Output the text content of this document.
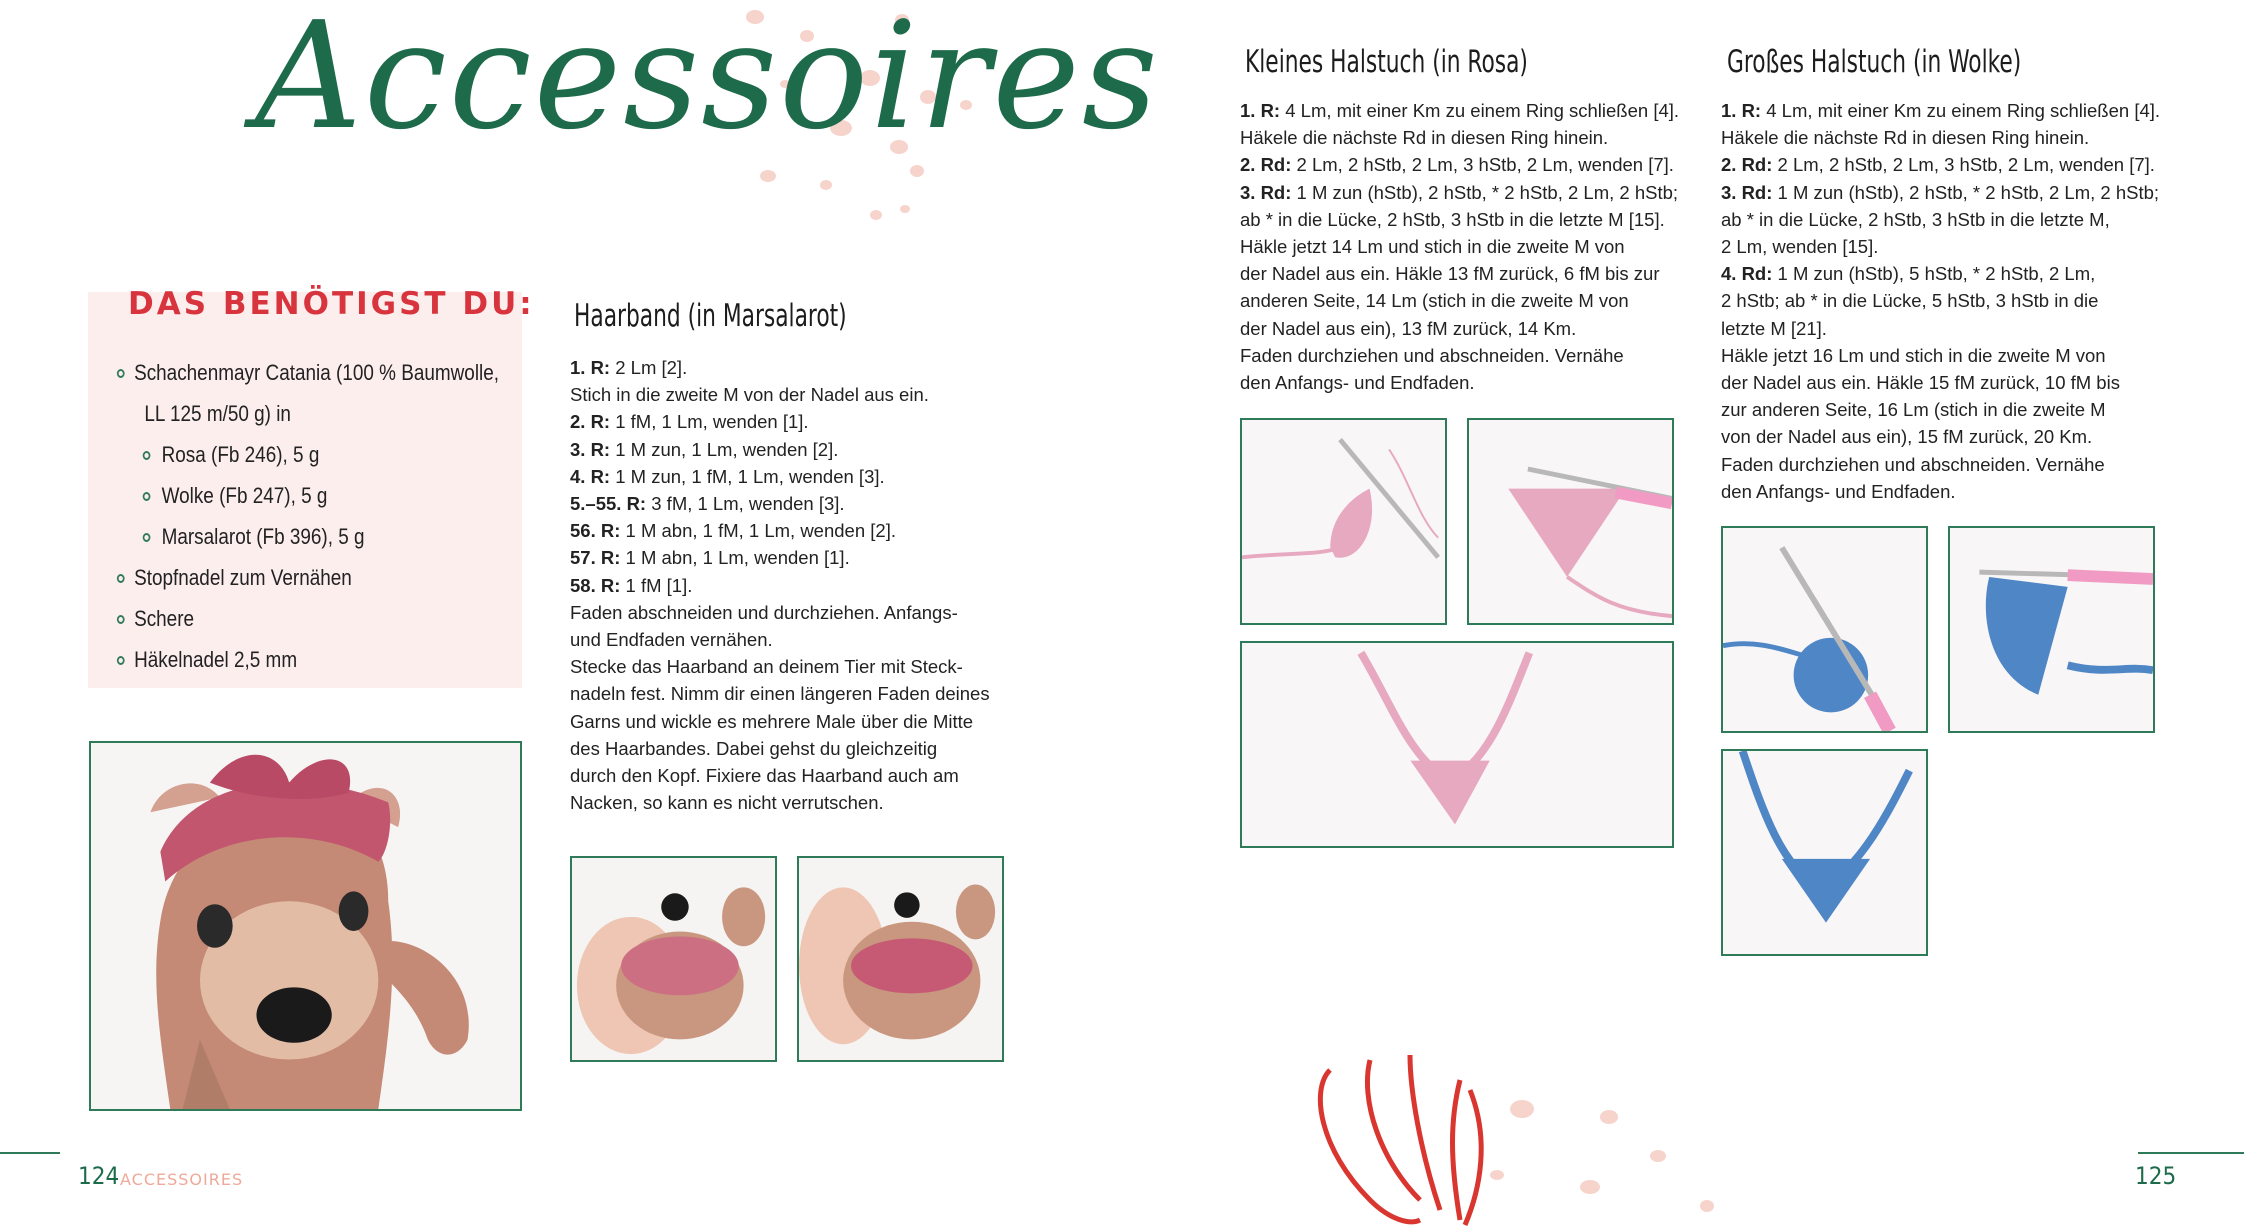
Accessoires
DAS BENÖTIGST DU:
Schachenmayr Catania (100 % Baumwolle,
LL 125 m/50 g) in
Rosa (Fb 246), 5 g
Wolke (Fb 247), 5 g
Marsalarot (Fb 396), 5 g
Stopfnadel zum Vernähen
Schere
Häkelnadel 2,5 mm
Haarband (in Marsalarot)

1. R: 2 Lm [2].

Stich in die zweite M von der Nadel aus ein.

2. R: 1 fM, 1 Lm, wenden [1].

3. R: 1 M zun, 1 Lm, wenden [2].

4. R: 1 M zun, 1 fM, 1 Lm, wenden [3].

5.–55. R: 3 fM, 1 Lm, wenden [3].

56. R: 1 M abn, 1 fM, 1 Lm, wenden [2].

57. R: 1 M abn, 1 Lm, wenden [1].

58. R: 1 fM [1].

Faden abschneiden und durchziehen. Anfangs-

und Endfaden vernähen.

Stecke das Haarband an deinem Tier mit Steck-

nadeln fest. Nimm dir einen längeren Faden deines

Garns und wickle es mehrere Male über die Mitte

des Haarbandes. Dabei gehst du gleichzeitig

durch den Kopf. Fixiere das Haarband auch am

Nacken, so kann es nicht verrutschen.

Kleines Halstuch (in Rosa)

1. R: 4 Lm, mit einer Km zu einem Ring schließen [4].

Häkele die nächste Rd in diesen Ring hinein.

2. Rd: 2 Lm, 2 hStb, 2 Lm, 3 hStb, 2 Lm, wenden [7].

3. Rd: 1 M zun (hStb), 2 hStb, * 2 hStb, 2 Lm, 2 hStb;

ab * in die Lücke, 2 hStb, 3 hStb in die letzte M [15].

Häkle jetzt 14 Lm und stich in die zweite M von

der Nadel aus ein. Häkle 13 fM zurück, 6 fM bis zur

anderen Seite, 14 Lm (stich in die zweite M von

der Nadel aus ein), 13 fM zurück, 14 Km.

Faden durchziehen und abschneiden. Vernähe

den Anfangs- und Endfaden.

Großes Halstuch (in Wolke)

1. R: 4 Lm, mit einer Km zu einem Ring schließen [4].

Häkele die nächste Rd in diesen Ring hinein.

2. Rd: 2 Lm, 2 hStb, 2 Lm, 3 hStb, 2 Lm, wenden [7].

3. Rd: 1 M zun (hStb), 2 hStb, * 2 hStb, 2 Lm, 2 hStb;

ab * in die Lücke, 2 hStb, 3 hStb in die letzte M,

2 Lm, wenden [15].

4. Rd: 1 M zun (hStb), 5 hStb, * 2 hStb, 2 Lm,

2 hStb; ab * in die Lücke, 5 hStb, 3 hStb in die

letzte M [21].

Häkle jetzt 16 Lm und stich in die zweite M von

der Nadel aus ein. Häkle 15 fM zurück, 10 fM bis

zur anderen Seite, 16 Lm (stich in die zweite M

von der Nadel aus ein), 15 fM zurück, 20 Km.

Faden durchziehen und abschneiden. Vernähe

den Anfangs- und Endfaden.

124 ACCESSOIRES	125
